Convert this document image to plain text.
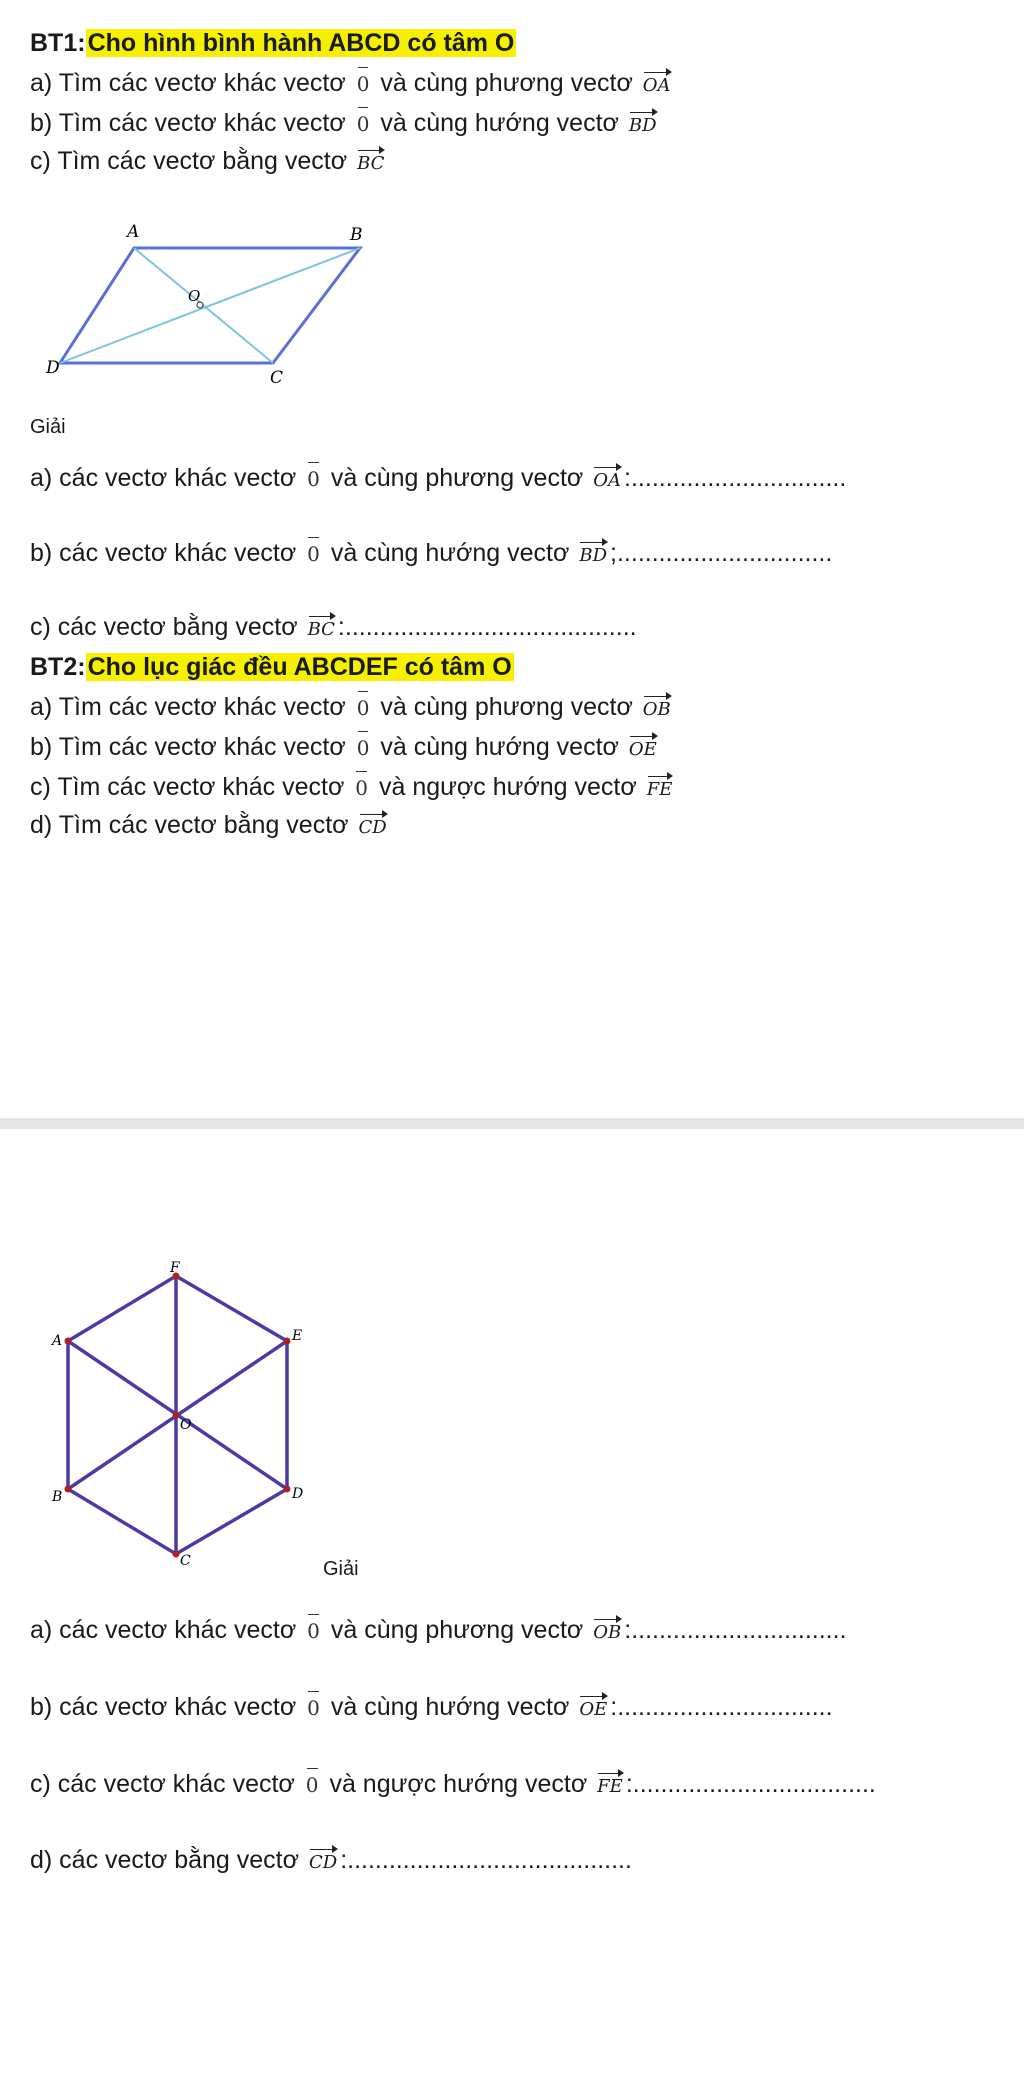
BT1:Cho hình bình hành ABCD có tâm O
a) Tìm các vectơ khác vectơ 0 và cùng phương vectơ OA
b) Tìm các vectơ khác vectơ 0 và cùng hướng vectơ BD
c) Tìm các vectơ bằng vectơ BC
A	B
C
D
O
Giải
a) các vectơ khác vectơ 0 và cùng phương vectơ OA :...............................
b) các vectơ khác vectơ 0 và cùng hướng vectơ BD ;...............................
c) các vectơ bằng vectơ BC :..........................................
BT2:Cho lục giác đều ABCDEF có tâm O
a) Tìm các vectơ khác vectơ 0 và cùng phương vectơ OB
b) Tìm các vectơ khác vectơ 0 và cùng hướng vectơ OE
c) Tìm các vectơ khác vectơ 0 và ngược hướng vectơ FE
d) Tìm các vectơ bằng vectơ CD
F
E
D
C
B
A
O
Giải
a) các vectơ khác vectơ 0 và cùng phương vectơ OB :...............................
b) các vectơ khác vectơ 0 và cùng hướng vectơ OE :...............................
c) các vectơ khác vectơ 0 và ngược hướng vectơ FE :...................................
d) các vectơ bằng vectơ CD :.........................................
